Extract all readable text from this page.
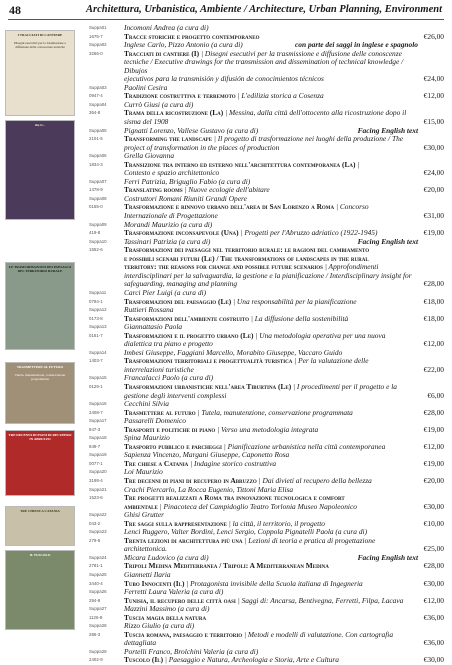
48	Architettura, Urbanistica, Ambiente / Architecture, Urban Planning, Environment
I TRACCIATI DI CANTIERE
Disegni esecutivi per la trasmissione e diffusione delle conoscenze tecniche
the tr...
LE TRASFORMAZIONI DEI PAESAGGI DEL TERRITORIO RURALE
TRASMETTERE AL FUTURO
Tutela, manutenzione, conservazione programmata
TRE DECENNI DI PIANI DI RECUPERO IN ABRUZZO
TRE CHIESE A CATANIA
IL TUSCOLO
Suppa01	Incomoni Andrea (a cura di)
1675-7	Tracce storiche e progetto contemporaneo	€26,00
Suppa02	Inglese Carlo, Pizzo Antonio (a cura di)	con parte dei saggi in inglese e spagnolo
3266-0	Tracciati di cantiere (I) | Disegni esecutivi per la trasmissione e diffusione delle conoscenze
tecniche / Executive drawings for the transmission and dissemination of technical knowledge / Dibujos
ejecutivos para la transmisión y difusión de conocimientos técnicos	€24,00
Suppa03	Paolini Cesira
0947-4	Tradizione costruttiva e terremoto | L'edilizia storica a Cosenza	€12,00
Suppa04	Currò Giusi (a cura di)
364-8	Trama della ricostruzione (La) | Messina, dalla città dell'ottocento alla ricostruzione dopo il
sisma del 1908	€15,00
Suppa05	Pignatti Lorenzo, Vallese Gustavo (a cura di)	Facing English text
2101-5	Transforming the landscape | Il progetto di trasformazione nei luoghi della produzione / The
project of transformation in the places of production	€30,00
Suppa06	Grella Giovanna
1834-3	Transizione tra interno ed esterno nell'architettura contemporanea (La) |
Contesto e spazio architettonico	€24,00
Suppa07	Ferri Patrizia, Briguglio Fabio (a cura di)
1478-9	Translating rooms | Nuove ecologie dell'abitare	€20,00
Suppa08	Costruttori Romani Riuniti Grandi Opere
0155-0	Trasformazione e rinnovo urbano dell'area di San Lorenzo a Roma | Concorso
Internazionale di Progettazione	€31,00
Suppa09	Morandi Maurizio (a cura di)
419-8	Trasformazione inconsapevole (Una) | Progetti per l'Abruzzo adriatico (1922-1945)	€19,00
Suppa10	Tassinari Patrizia (a cura di)	Facing English text
1552-6	Trasformazioni dei paesaggi nel territorio rurale: le ragioni del cambiamento
e possibili scenari futuri (Le) / The transformations of landscapes in the rural
territory: the reasons for change and possible future scenarios | Approfondimenti
interdisciplinari per la salvaguardia, la gestione e la pianificazione / Interdisciplinary insight for
safeguarding, managing and planning	€28,00
Suppa11	Carci Pier Luigi (a cura di)
0794-1	Trasformazioni del paesaggio (Le) | Una responsabilità per la pianificazione	€18,00
Suppa12	Ruttieri Rossana
0173-8	Trasformazioni dell'ambiente costruito | La diffusione della sostenibilità	€18,00
Suppa13	Giannattasio Paola
0161-7	Trasformazioni e il progetto urbano (Le) | Una metodologia operativa per una nuova
dialettica tra piano e progetto	€12,00
Suppa14	Imbesi Giuseppe, Faggiani Marcello, Morabito Giuseppe, Vaccaro Guido
1403-7	Trasformazioni territoriali e progettualità turistica | Per la valutazione delle
interrelazioni turistiche	€22,00
Suppa15	Francalacci Paolo (a cura di)
0129-1	Trasformazioni urbanistiche nell'area Tiburtina (Le) | I procedimenti per il progetto e la
gestione degli interventi complessi	€6,00
Suppa16	Cecchini Silvia
2408-7	Trasmettere al futuro | Tutela, manutenzione, conservazione programmata	€28,00
Suppa17	Passarelli Domenico
847-3	Trasporti e politiche di piano | Verso una metodologia integrata	€19,00
Suppa18	Spina Maurizio
849-7	Trasporto pubblico e parcheggi | Pianificazione urbanistica nella città contemporanea	€12,00
Suppa19	Sapienza Vincenzo, Margani Giuseppe, Caponetto Rosa
0077-1	Tre chiese a Catania | Indagine storico costruttiva	€19,00
Suppa20	Loi Maurizio
3198-4	Tre decenni di piani di recupero in Abruzzo | Dai divieti al recupero della bellezza	€20,00
Suppa21	Crachi Piercarlo, La Rocca Eugenio, Tittoni Maria Elisa
1523-6	Tre progetti realizzati a Roma tra innovazione tecnologica e comfort
ambientale | Pinacoteca del Campidoglio Teatro Torlonia Museo Napoleonico	€30,00
Suppa22	Ghisi Grutter
043-2	Tre saggi sulla rappresentazione | la città, il territorio, il progetto	€10,00
Suppa23	Lenci Ruggero, Valter Bordini, Lenci Sergio, Coppola Pignatelli Paola (a cura di)
279-5	Trenta lezioni di architettura più una | Lezioni di teoria e pratica di progettazione
architettonica.	€25,00
Suppa24	Micara Ludovico (a cura di)	Facing English text
2781-1	Tripoli Medina Mediterranea / Tripoli: A Mediterranean Medina	€28,00
Suppa25	Giannetti Ilaria
3440-4	Tubo Innocenti (Il) | Protagonista invisibile della Scuola italiana di Ingegneria	€30,00
Suppa26	Ferretti Laura Valeria (a cura di)
294-8	Tunisia, il recupero delle città oasi | Saggi di: Ancarsa, Bentivegna, Ferretti, Filpa, Lacava	€12,00
Suppa27	Mazzini Massimo (a cura di)
1126-9	Tuscia magia della natura	€36,00
Suppa28	Rizzo Giulio (a cura di)
286-3	Tuscia romana, paesaggio e territorio | Metodi e modelli di valutazione. Con cartografia dettagliata	€36,00
Suppa29	Portelli Franco, Brolchini Valeria (a cura di)
2402-9	Tuscolo (Il) | Paesaggio e Natura, Archeologia e Storia, Arte e Cultura	€30,00
